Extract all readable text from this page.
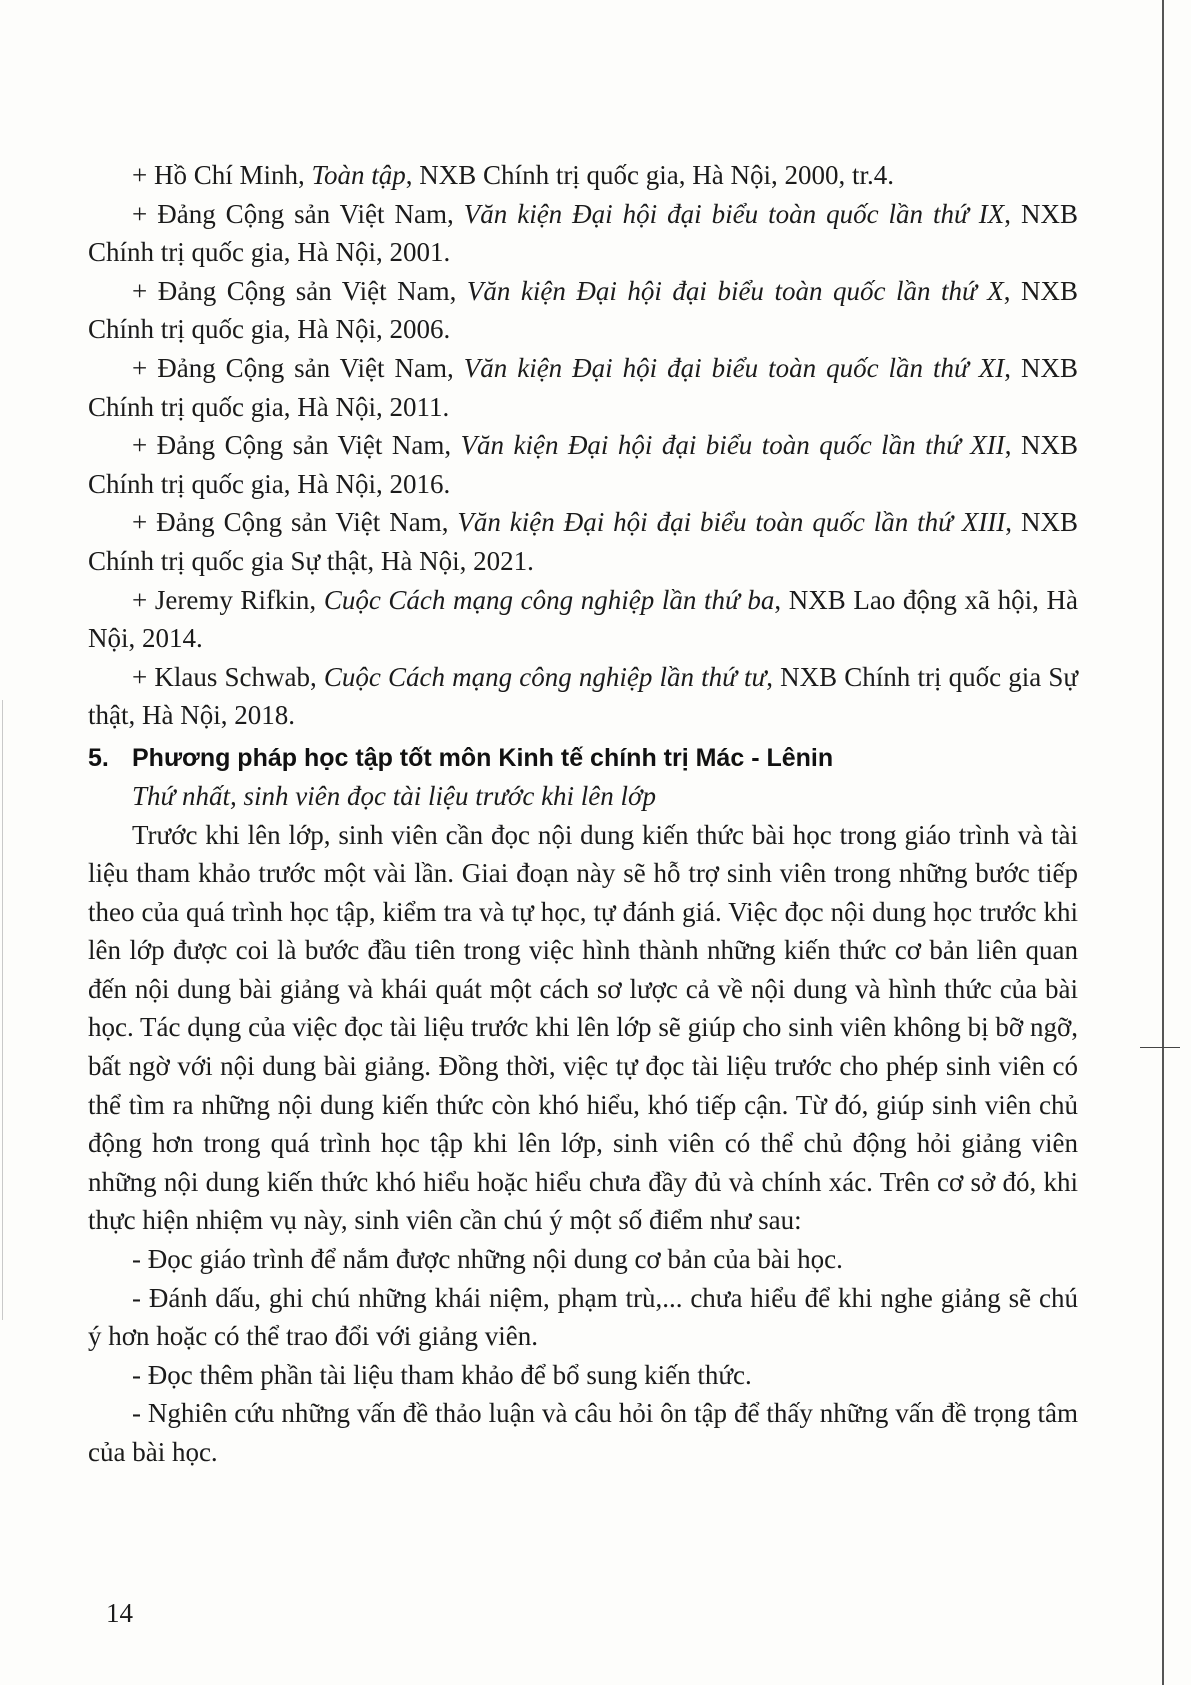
+ Hồ Chí Minh, Toàn tập, NXB Chính trị quốc gia, Hà Nội, 2000, tr.4.

+ Đảng Cộng sản Việt Nam, Văn kiện Đại hội đại biểu toàn quốc lần thứ IX, NXB Chính trị quốc gia, Hà Nội, 2001.

+ Đảng Cộng sản Việt Nam, Văn kiện Đại hội đại biểu toàn quốc lần thứ X, NXB Chính trị quốc gia, Hà Nội, 2006.

+ Đảng Cộng sản Việt Nam, Văn kiện Đại hội đại biểu toàn quốc lần thứ XI, NXB Chính trị quốc gia, Hà Nội, 2011.

+ Đảng Cộng sản Việt Nam, Văn kiện Đại hội đại biểu toàn quốc lần thứ XII, NXB Chính trị quốc gia, Hà Nội, 2016.

+ Đảng Cộng sản Việt Nam, Văn kiện Đại hội đại biểu toàn quốc lần thứ XIII, NXB Chính trị quốc gia Sự thật, Hà Nội, 2021.

+ Jeremy Rifkin, Cuộc Cách mạng công nghiệp lần thứ ba, NXB Lao động xã hội, Hà Nội, 2014.

+ Klaus Schwab, Cuộc Cách mạng công nghiệp lần thứ tư, NXB Chính trị quốc gia Sự thật, Hà Nội, 2018.

5. Phương pháp học tập tốt môn Kinh tế chính trị Mác - Lênin

Thứ nhất, sinh viên đọc tài liệu trước khi lên lớp

Trước khi lên lớp, sinh viên cần đọc nội dung kiến thức bài học trong giáo trình và tài liệu tham khảo trước một vài lần. Giai đoạn này sẽ hỗ trợ sinh viên trong những bước tiếp theo của quá trình học tập, kiểm tra và tự học, tự đánh giá. Việc đọc nội dung học trước khi lên lớp được coi là bước đầu tiên trong việc hình thành những kiến thức cơ bản liên quan đến nội dung bài giảng và khái quát một cách sơ lược cả về nội dung và hình thức của bài học. Tác dụng của việc đọc tài liệu trước khi lên lớp sẽ giúp cho sinh viên không bị bỡ ngỡ, bất ngờ với nội dung bài giảng. Đồng thời, việc tự đọc tài liệu trước cho phép sinh viên có thể tìm ra những nội dung kiến thức còn khó hiểu, khó tiếp cận. Từ đó, giúp sinh viên chủ động hơn trong quá trình học tập khi lên lớp, sinh viên có thể chủ động hỏi giảng viên những nội dung kiến thức khó hiểu hoặc hiểu chưa đầy đủ và chính xác. Trên cơ sở đó, khi thực hiện nhiệm vụ này, sinh viên cần chú ý một số điểm như sau:

- Đọc giáo trình để nắm được những nội dung cơ bản của bài học.

- Đánh dấu, ghi chú những khái niệm, phạm trù,... chưa hiểu để khi nghe giảng sẽ chú ý hơn hoặc có thể trao đổi với giảng viên.

- Đọc thêm phần tài liệu tham khảo để bổ sung kiến thức.

- Nghiên cứu những vấn đề thảo luận và câu hỏi ôn tập để thấy những vấn đề trọng tâm của bài học.

14
